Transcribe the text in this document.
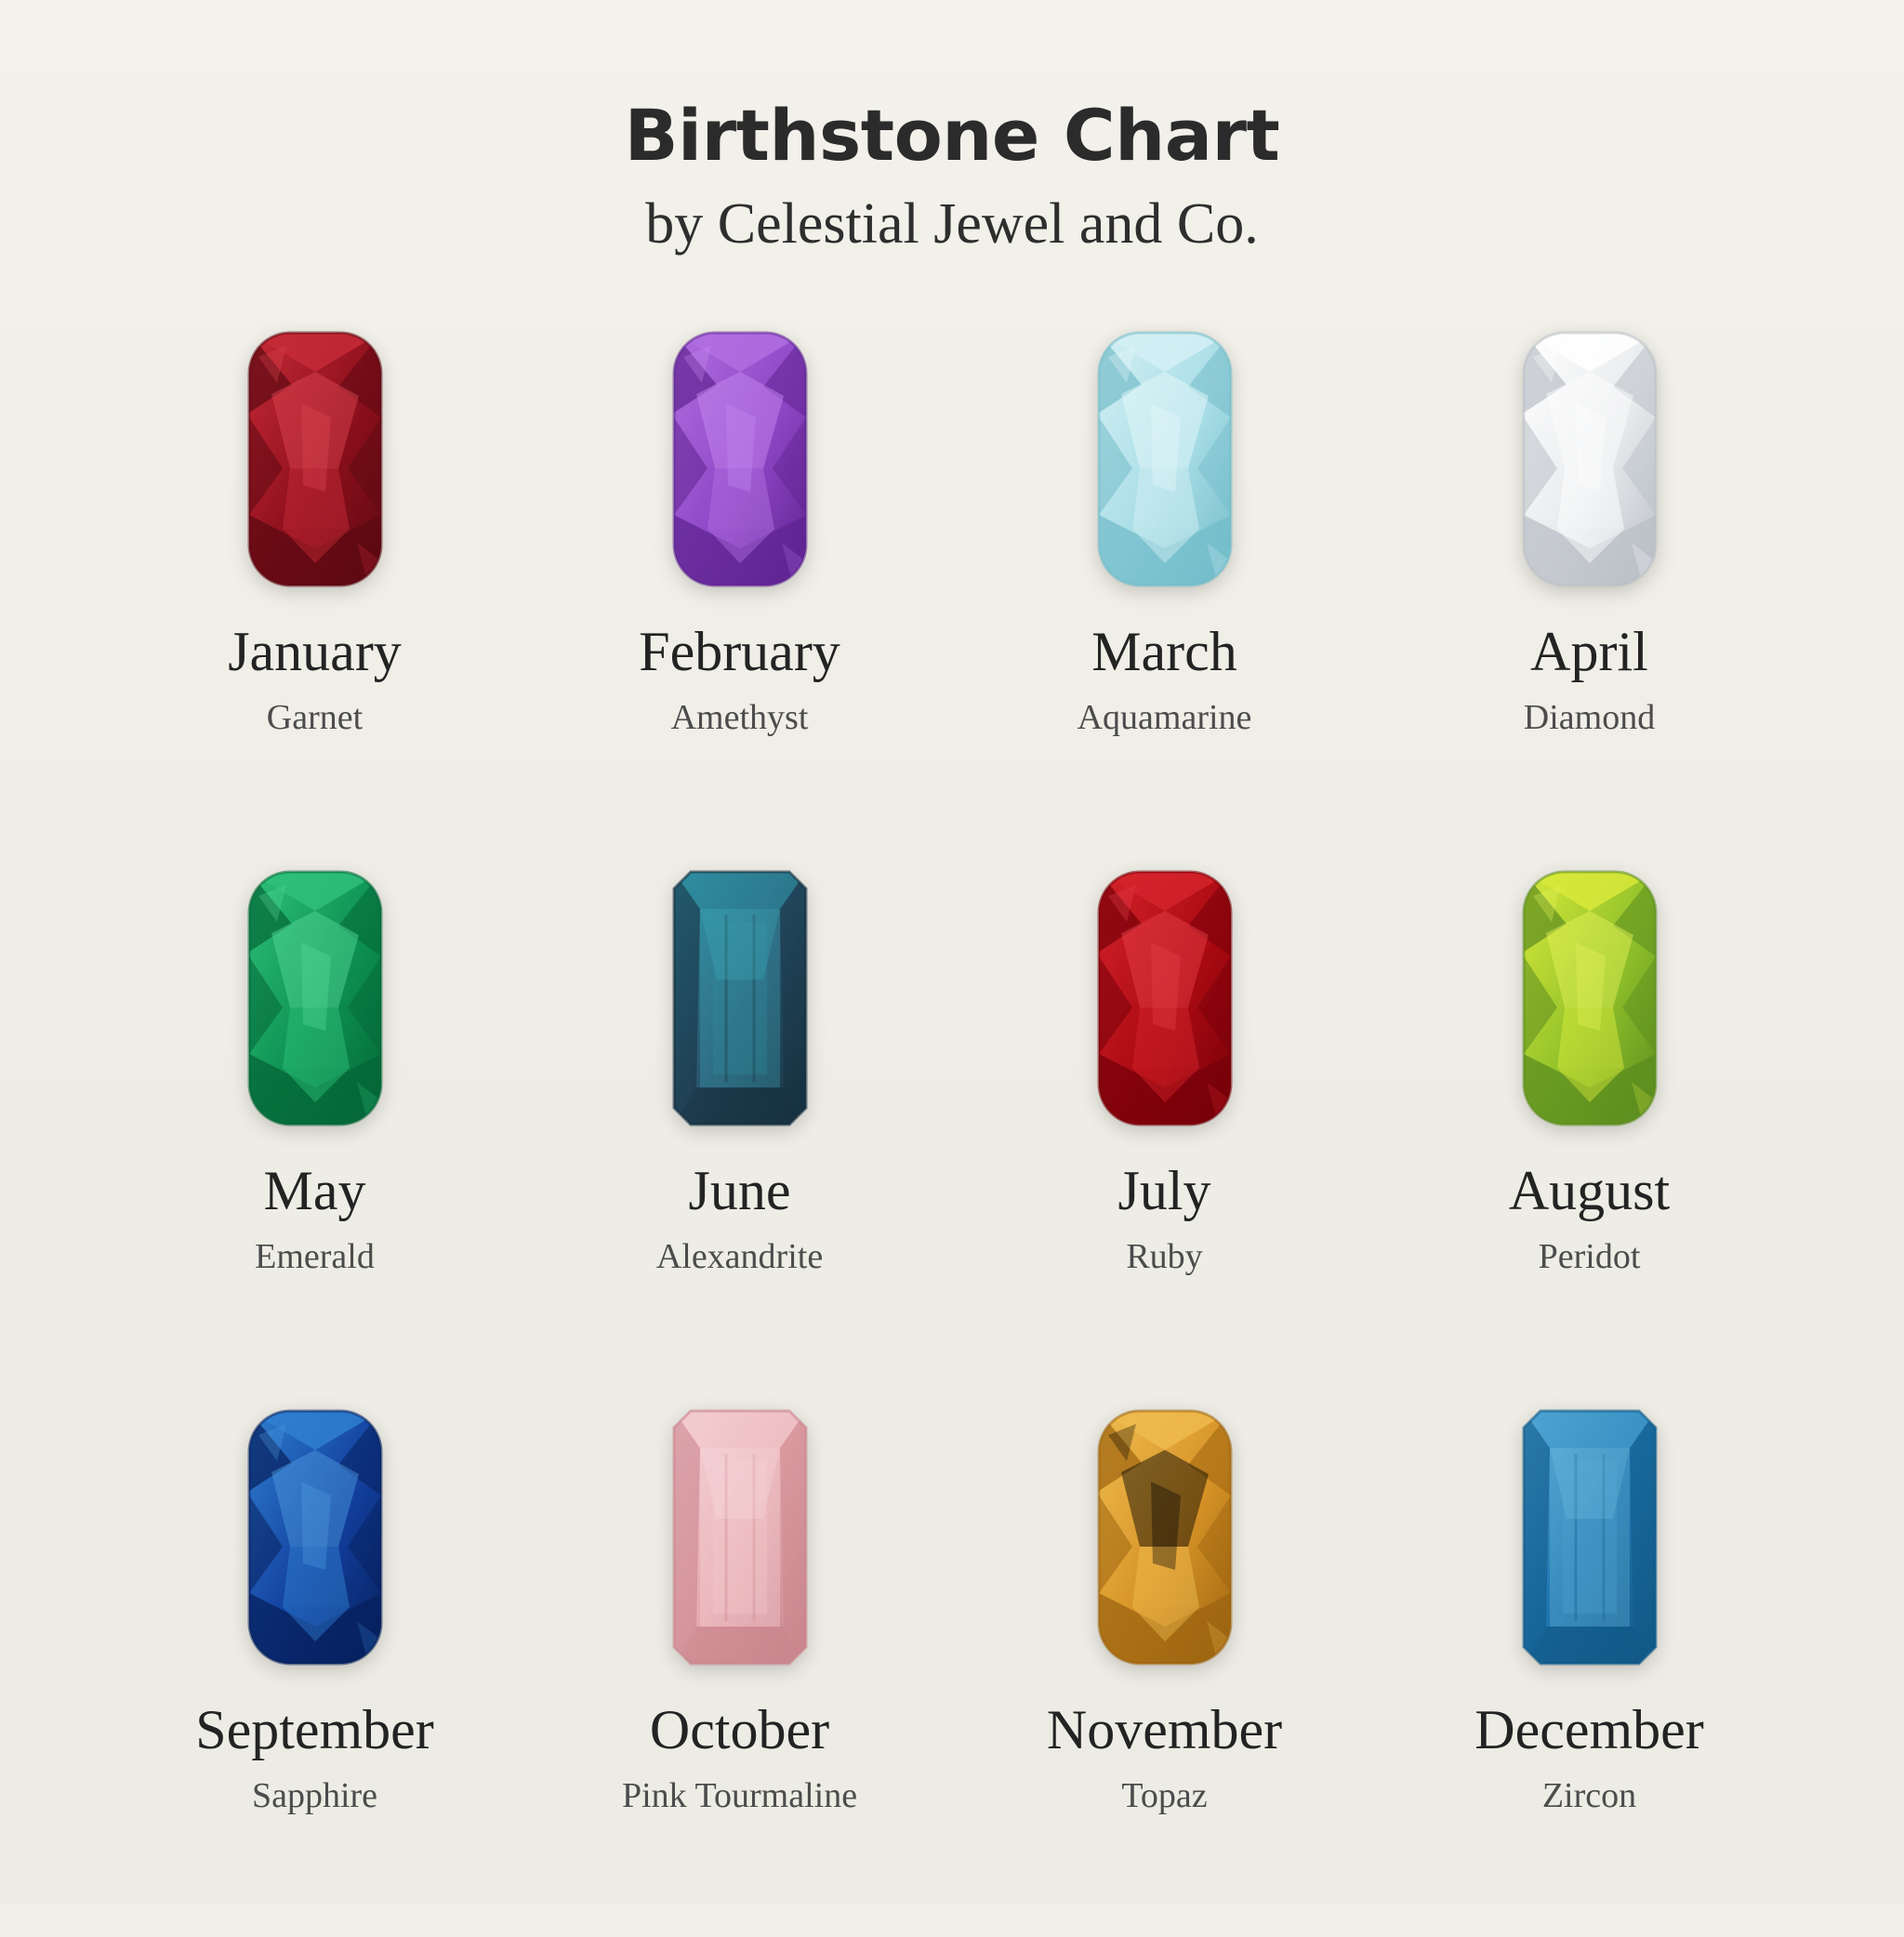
Birthstone Chart
by Celestial Jewel and Co.
January
Garnet
February
Amethyst
March
Aquamarine
April
Diamond
May
Emerald
June
Alexandrite
July
Ruby
August
Peridot
September
Sapphire
October
Pink Tourmaline
November
Topaz
December
Zircon
